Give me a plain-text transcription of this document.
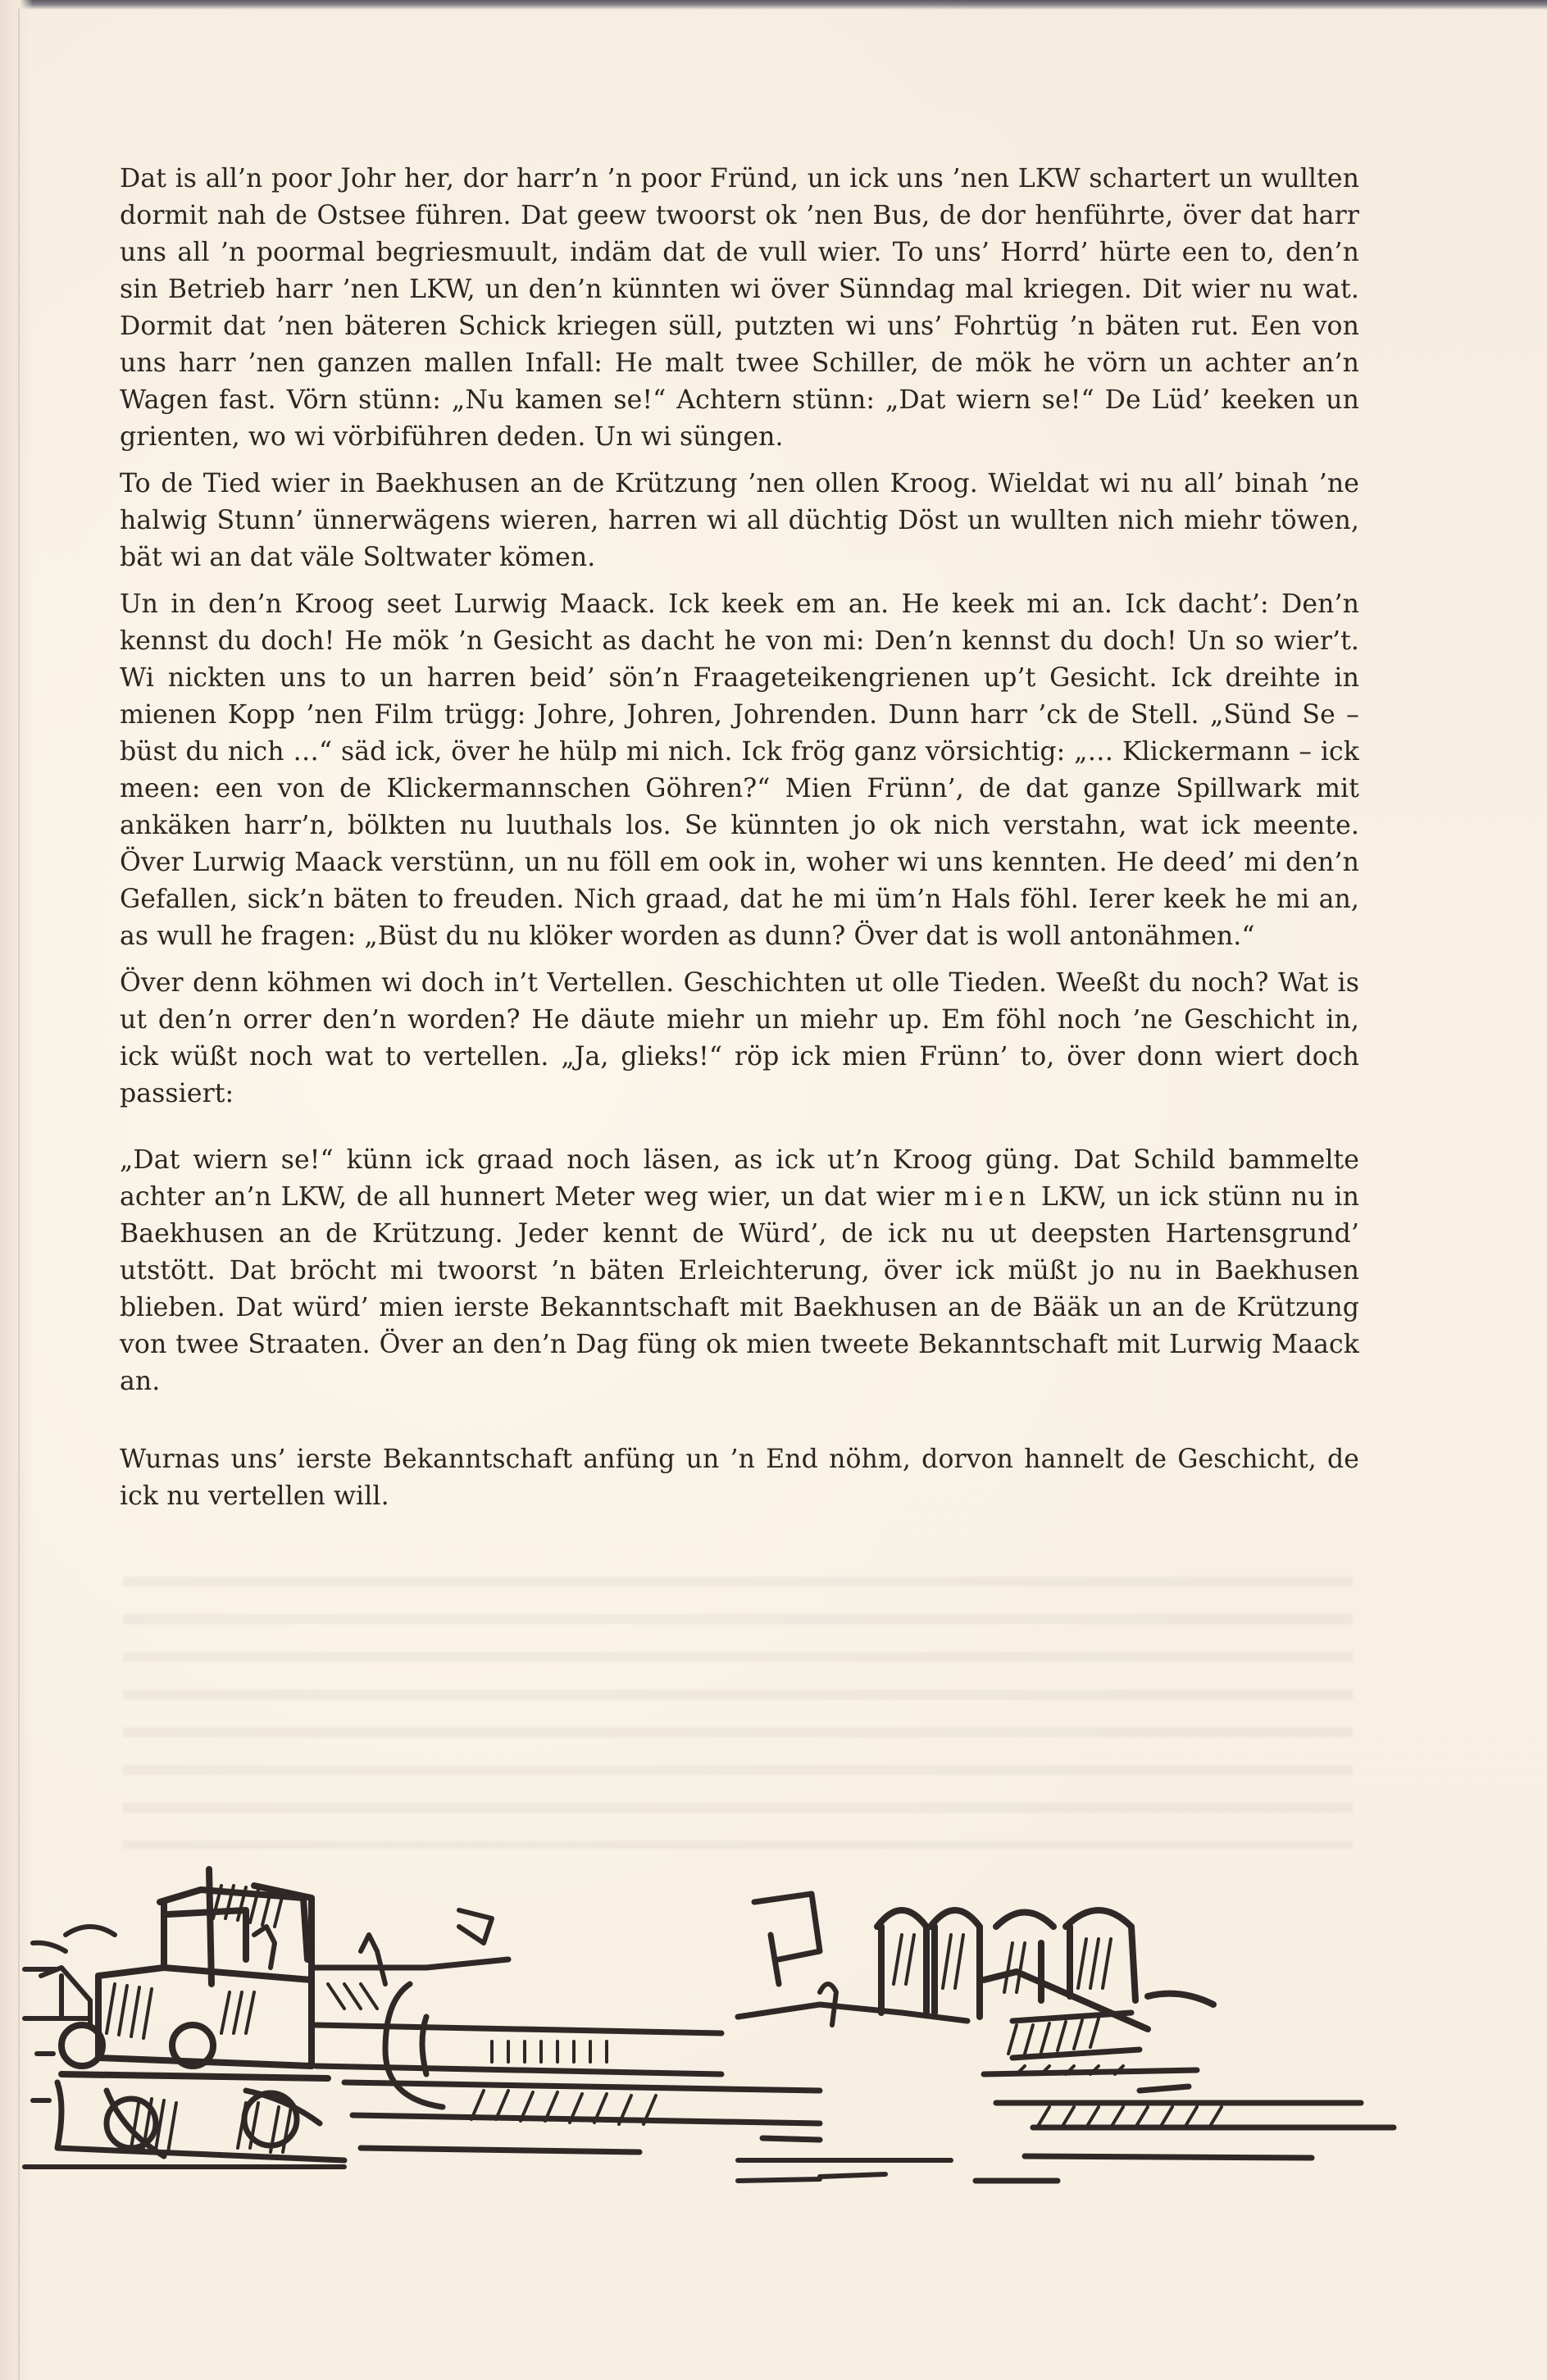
Dat is all’n poor Johr her, dor harr’n ’n poor Fründ, un ick uns ’nen LKW schartert un wullten dormit nah de Ostsee führen. Dat geew twoorst ok ’nen Bus, de dor henführte, över dat harr uns all ’n poormal begriesmuult, indäm dat de vull wier. To uns’ Horrd’ hürte een to, den’n sin Betrieb harr ’nen LKW, un den’n künnten wi över Sünndag mal kriegen. Dit wier nu wat. Dormit dat ’nen bäteren Schick kriegen süll, putzten wi uns’ Fohrtüg ’n bäten rut. Een von uns harr ’nen ganzen mallen Infall: He malt twee Schiller, de mök he vörn un achter an’n Wagen fast. Vörn stünn: „Nu kamen se!“ Achtern stünn: „Dat wiern se!“ De Lüd’ keeken un grienten, wo wi vörbiführen deden. Un wi süngen.

To de Tied wier in Baekhusen an de Krützung ’nen ollen Kroog. Wieldat wi nu all’ binah ’ne halwig Stunn’ ünnerwägens wieren, harren wi all düchtig Döst un wullten nich miehr töwen, bät wi an dat väle Soltwater kömen.

Un in den’n Kroog seet Lurwig Maack. Ick keek em an. He keek mi an. Ick dacht’: Den’n kennst du doch! He mök ’n Gesicht as dacht he von mi: Den’n kennst du doch! Un so wier’t. Wi nickten uns to un harren beid’ sön’n Fraageteikengrienen up’t Gesicht. Ick dreihte in mienen Kopp ’nen Film trügg: Johre, Johren, Johrenden. Dunn harr ’ck de Stell. „Sünd Se – büst du nich …“ säd ick, över he hülp mi nich. Ick frög ganz vörsichtig: „… Klickermann – ick meen: een von de Klickermannschen Göhren?“ Mien Frünn’, de dat ganze Spillwark mit ankäken harr’n, bölkten nu luuthals los. Se künnten jo ok nich verstahn, wat ick meente. Över Lurwig Maack verstünn, un nu föll em ook in, woher wi uns kennten. He deed’ mi den’n Gefallen, sick’n bäten to freuden. Nich graad, dat he mi üm’n Hals föhl. Ierer keek he mi an, as wull he fragen: „Büst du nu klöker worden as dunn? Över dat is woll antonähmen.“

Över denn köhmen wi doch in’t Vertellen. Geschichten ut olle Tieden. Weeßt du noch? Wat is ut den’n orrer den’n worden? He däute miehr un miehr up. Em föhl noch ’ne Geschicht in, ick wüßt noch wat to vertellen. „Ja, glieks!“ röp ick mien Frünn’ to, över donn wiert doch passiert:

„Dat wiern se!“ künn ick graad noch läsen, as ick ut’n Kroog güng. Dat Schild bammelte achter an’n LKW, de all hunnert Meter weg wier, un dat wier mien LKW, un ick stünn nu in Baekhusen an de Krützung. Jeder kennt de Würd’, de ick nu ut deepsten Hartensgrund’ utstött. Dat bröcht mi twoorst ’n bäten Erleichterung, över ick müßt jo nu in Baekhusen blieben. Dat würd’ mien ierste Bekanntschaft mit Baekhusen an de Bääk un an de Krützung von twee Straaten. Över an den’n Dag füng ok mien tweete Bekanntschaft mit Lurwig Maack an.

Wurnas uns’ ierste Bekanntschaft anfüng un ’n End nöhm, dorvon hannelt de Geschicht, de ick nu vertellen will.
